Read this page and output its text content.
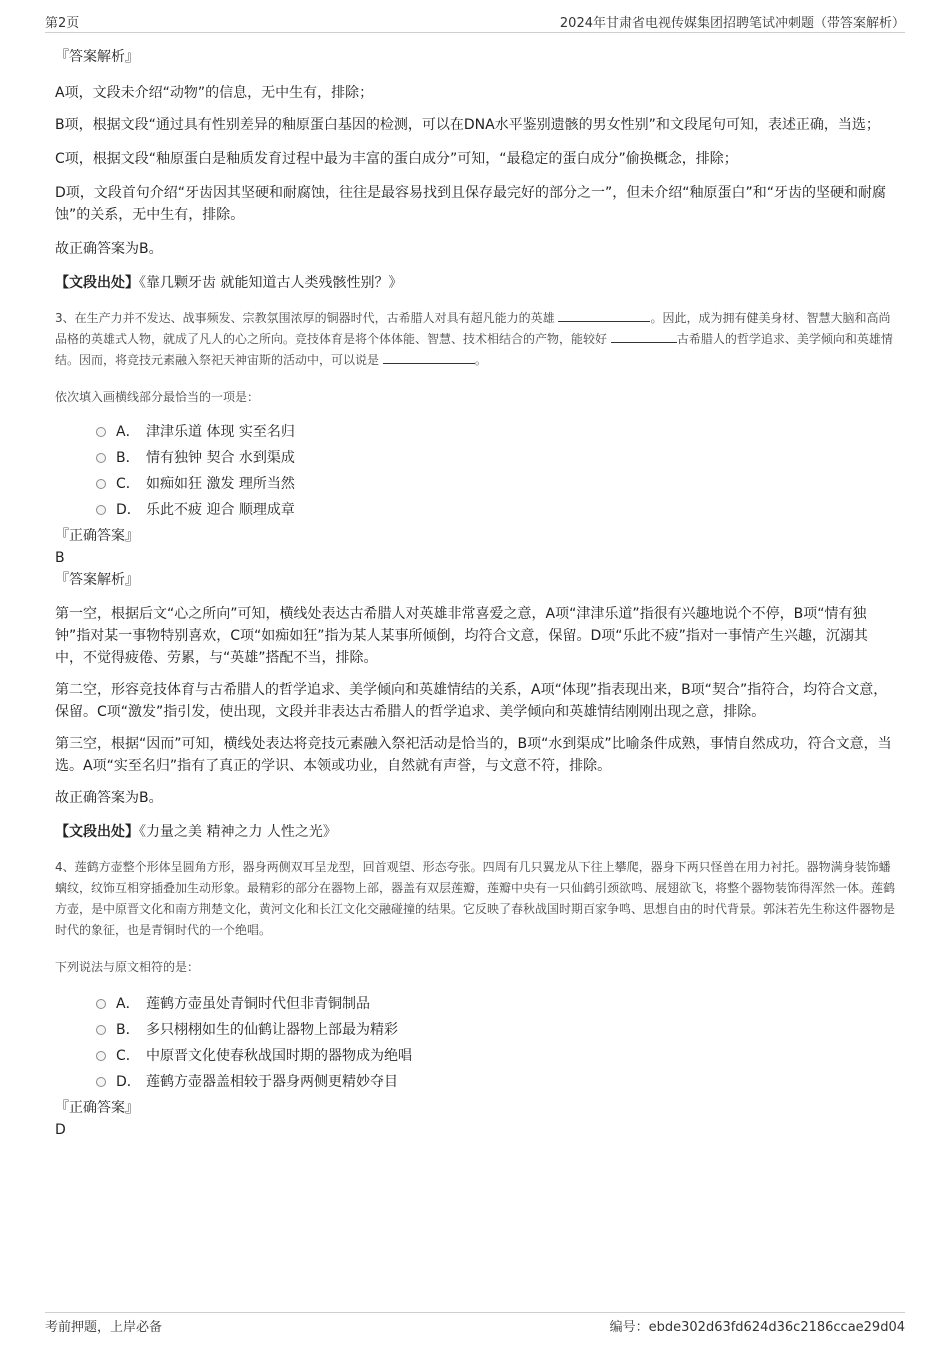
第2页	2024年甘肃省电视传媒集团招聘笔试冲刺题（带答案解析）

『答案解析』

A项，文段未介绍“动物”的信息，无中生有，排除；

B项，根据文段“通过具有性别差异的釉原蛋白基因的检测，可以在DNA水平鉴别遗骸的男女性别”和文段尾句可知，表述正确，当选；

C项，根据文段“釉原蛋白是釉质发育过程中最为丰富的蛋白成分”可知，“最稳定的蛋白成分”偷换概念，排除；

D项，文段首句介绍“牙齿因其坚硬和耐腐蚀，往往是最容易找到且保存最完好的部分之一”，但未介绍“釉原蛋白”和“牙齿的坚硬和耐腐蚀”的关系，无中生有，排除。

故正确答案为B。

【文段出处】《靠几颗牙齿 就能知道古人类残骸性别？》

3、在生产力并不发达、战事频发、宗教氛围浓厚的铜器时代，古希腊人对具有超凡能力的英雄	。因此，成为拥有健美身材、智慧大脑和高尚品格的英雄式人物，就成了凡人的心之所向。竞技体育是将个体体能、智慧、技术相结合的产物，能较好	古希腊人的哲学追求、美学倾向和英雄情结。因而，将竞技元素融入祭祀天神宙斯的活动中，可以说是	。

依次填入画横线部分最恰当的一项是：

A． 津津乐道 体现 实至名归
B． 情有独钟 契合 水到渠成
C． 如痴如狂 激发 理所当然
D． 乐此不疲 迎合 顺理成章

『正确答案』

B

『答案解析』

第一空，根据后文“心之所向”可知，横线处表达古希腊人对英雄非常喜爱之意，A项“津津乐道”指很有兴趣地说个不停，B项“情有独钟”指对某一事物特别喜欢，C项“如痴如狂”指为某人某事所倾倒，均符合文意，保留。D项“乐此不疲”指对一事情产生兴趣，沉溺其中，不觉得疲倦、劳累，与“英雄”搭配不当，排除。

第二空，形容竞技体育与古希腊人的哲学追求、美学倾向和英雄情结的关系，A项“体现”指表现出来，B项“契合”指符合，均符合文意，保留。C项“激发”指引发，使出现，文段并非表达古希腊人的哲学追求、美学倾向和英雄情结刚刚出现之意，排除。

第三空，根据“因而”可知，横线处表达将竞技元素融入祭祀活动是恰当的，B项“水到渠成”比喻条件成熟，事情自然成功，符合文意，当选。A项“实至名归”指有了真正的学识、本领或功业，自然就有声誉，与文意不符，排除。

故正确答案为B。

【文段出处】《力量之美 精神之力 人性之光》

4、莲鹤方壶整个形体呈圆角方形，器身两侧双耳呈龙型，回首观望、形态夸张。四周有几只翼龙从下往上攀爬，器身下两只怪兽在用力衬托。器物满身装饰蟠螭纹，纹饰互相穿插叠加生动形象。最精彩的部分在器物上部，器盖有双层莲瓣，莲瓣中央有一只仙鹤引颈欲鸣、展翅欲飞，将整个器物装饰得浑然一体。莲鹤方壶，是中原晋文化和南方荆楚文化，黄河文化和长江文化交融碰撞的结果。它反映了春秋战国时期百家争鸣、思想自由的时代背景。郭沫若先生称这件器物是时代的象征，也是青铜时代的一个绝唱。

下列说法与原文相符的是：

A． 莲鹤方壶虽处青铜时代但非青铜制品
B． 多只栩栩如生的仙鹤让器物上部最为精彩
C． 中原晋文化使春秋战国时期的器物成为绝唱
D． 莲鹤方壶器盖相较于器身两侧更精妙夺目

『正确答案』

D

考前押题，上岸必备	编号：ebde302d63fd624d36c2186ccae29d04
